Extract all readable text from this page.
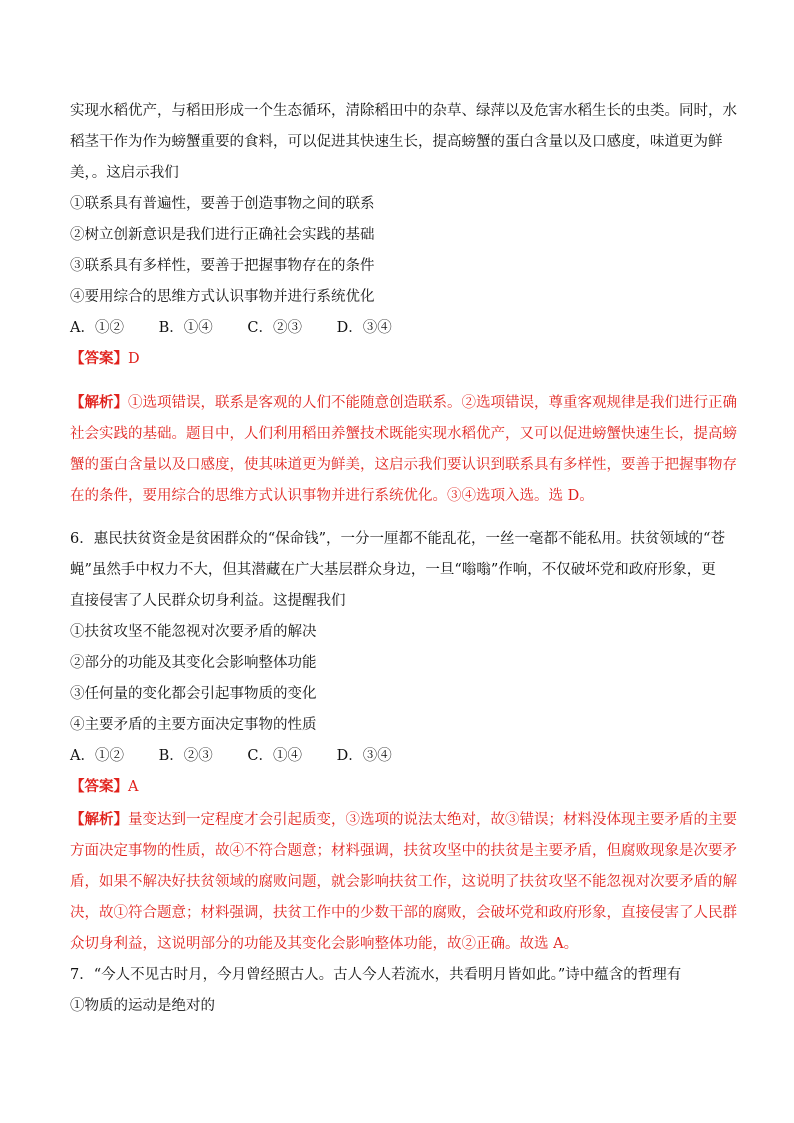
实现水稻优产，与稻田形成一个生态循环，清除稻田中的杂草、绿萍以及危害水稻生长的虫类。同时，水
稻茎干作为作为螃蟹重要的食料，可以促进其快速生长，提高螃蟹的蛋白含量以及口感度，味道更为鲜
美，。这启示我们
①联系具有普遍性，要善于创造事物之间的联系
②树立创新意识是我们进行正确社会实践的基础
③联系具有多样性，要善于把握事物存在的条件
④要用综合的思维方式认识事物并进行系统优化
A．①② B．①④ C．②③ D．③④
【答案】D
【解析】①选项错误，联系是客观的人们不能随意创造联系。②选项错误，尊重客观规律是我们进行正确
社会实践的基础。题目中，人们利用稻田养蟹技术既能实现水稻优产，又可以促进螃蟹快速生长，提高螃
蟹的蛋白含量以及口感度，使其味道更为鲜美，这启示我们要认识到联系具有多样性，要善于把握事物存
在的条件，要用综合的思维方式认识事物并进行系统优化。③④选项入选。选 D。
6．惠民扶贫资金是贫困群众的“保命钱”，一分一厘都不能乱花，一丝一毫都不能私用。扶贫领域的“苍
蝇”虽然手中权力不大，但其潜藏在广大基层群众身边，一旦“嗡嗡”作响，不仅破坏党和政府形象，更
直接侵害了人民群众切身利益。这提醒我们
①扶贫攻坚不能忽视对次要矛盾的解决
②部分的功能及其变化会影响整体功能
③任何量的变化都会引起事物质的变化
④主要矛盾的主要方面决定事物的性质
A．①② B．②③ C．①④ D．③④
【答案】A
【解析】量变达到一定程度才会引起质变，③选项的说法太绝对，故③错误；材料没体现主要矛盾的主要
方面决定事物的性质，故④不符合题意；材料强调，扶贫攻坚中的扶贫是主要矛盾，但腐败现象是次要矛
盾，如果不解决好扶贫领域的腐败问题，就会影响扶贫工作，这说明了扶贫攻坚不能忽视对次要矛盾的解
决，故①符合题意；材料强调，扶贫工作中的少数干部的腐败，会破坏党和政府形象，直接侵害了人民群
众切身利益，这说明部分的功能及其变化会影响整体功能，故②正确。故选 A。
7．“今人不见古时月，今月曾经照古人。古人今人若流水，共看明月皆如此。”诗中蕴含的哲理有
①物质的运动是绝对的
